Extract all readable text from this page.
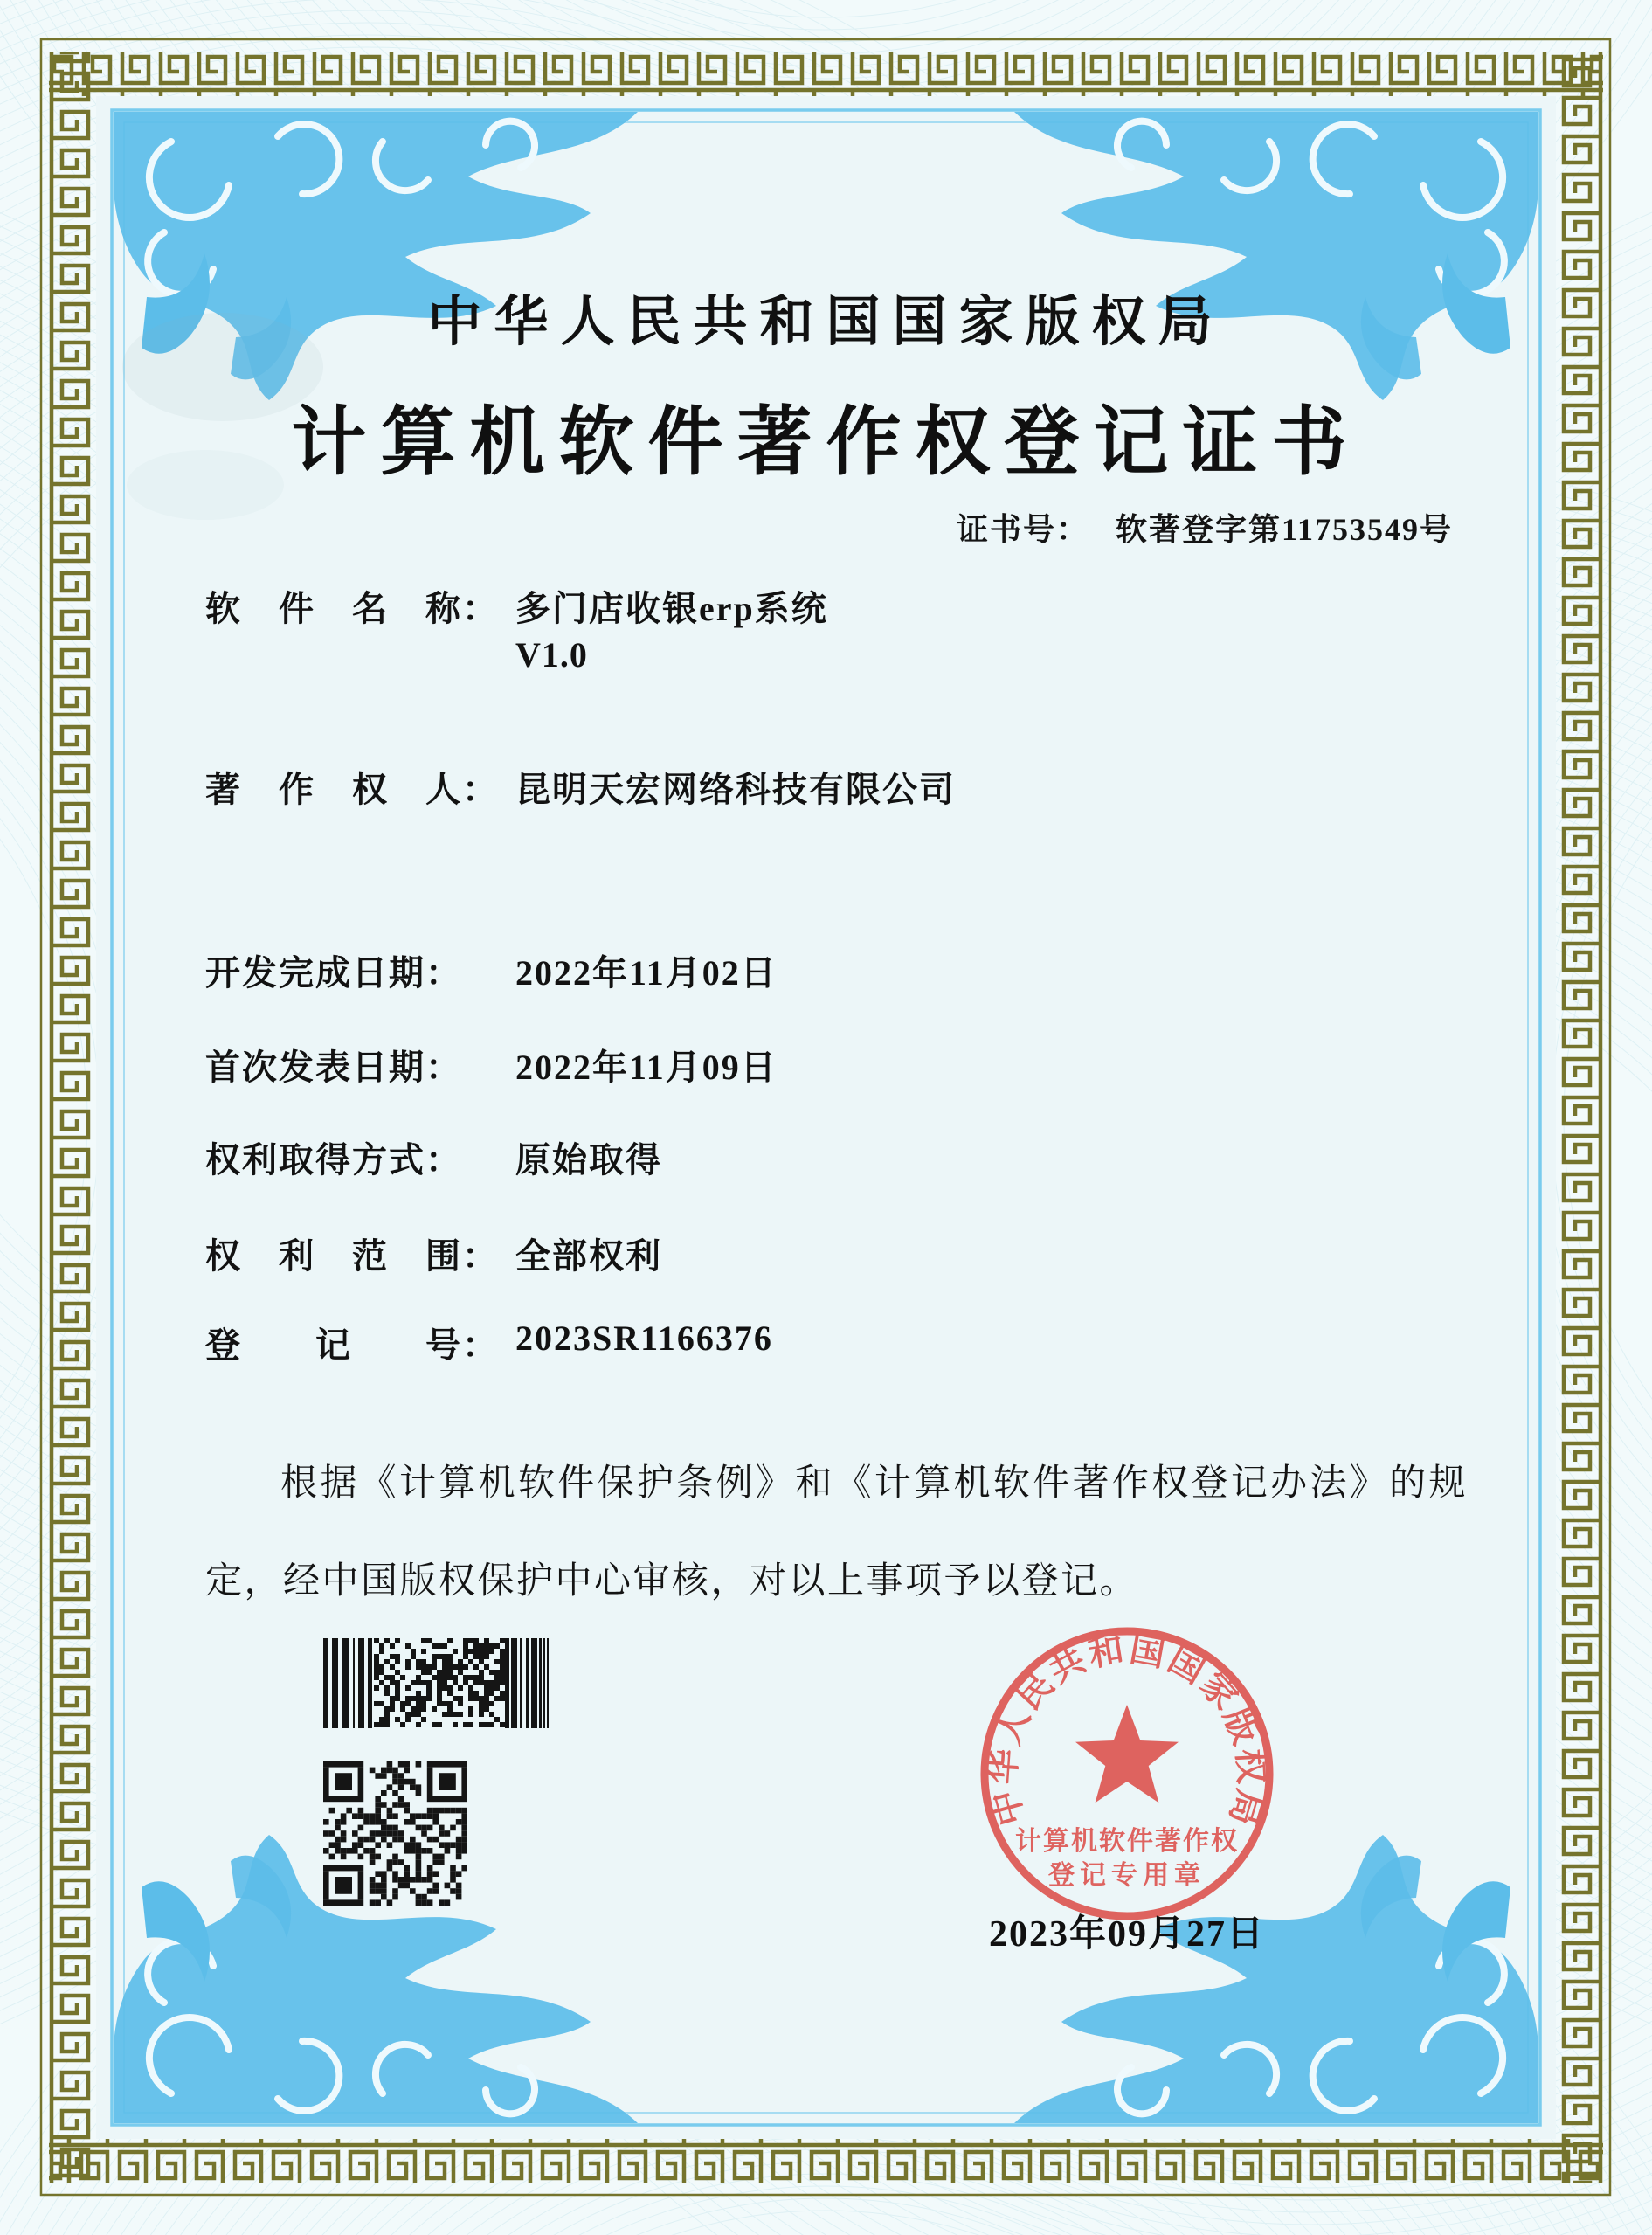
中华人民共和国国家版权局
计算机软件著作权登记证书
证书号： 软著登字第11753549号
软　件　名　称： 多门店收银erp系统
V1.0
著　作　权　人： 昆明天宏网络科技有限公司
开发完成日期：	2022年11月02日
首次发表日期：	2022年11月09日
权利取得方式：	原始取得
权　利　范　围： 全部权利
登　　记　　号： 2023SR1166376
根据《计算机软件保护条例》和《计算机软件著作权登记办法》的规定，经中国版权保护中心审核，对以上事项予以登记。
中华人民共和国国家版权局
计算机软件著作权
登记专用章
2023年09月27日
